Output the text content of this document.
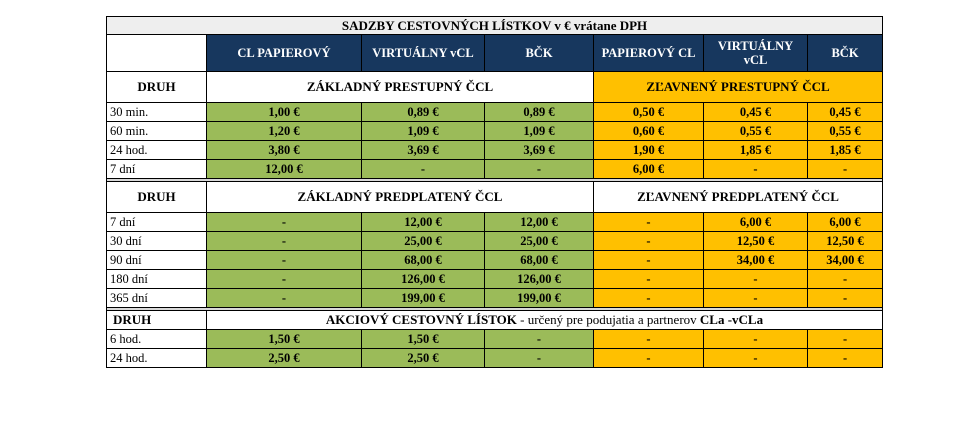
SADZBY CESTOVNÝCH LÍSTKOV v € vrátane DPH						
	CL PAPIEROVÝ	VIRTUÁLNY vCL	BČK	PAPIEROVÝ CL	VIRTUÁLNY vCL	BČK
DRUH	ZÁKLADNÝ PRESTUPNÝ ČCL			ZĽAVNENÝ PRESTUPNÝ ČCL		
30 min.	1,00 €	0,89 €	0,89 €	0,50 €	0,45 €	0,45 €
60 min.	1,20 €	1,09 €	1,09 €	0,60 €	0,55 €	0,55 €
24 hod.	3,80 €	3,69 €	3,69 €	1,90 €	1,85 €	1,85 €
7 dní	12,00 €	-	-	6,00 €	-	-

DRUH	ZÁKLADNÝ PREDPLATENÝ ČCL			ZĽAVNENÝ PREDPLATENÝ ČCL		
7 dní	-	12,00 €	12,00 €	-	6,00 €	6,00 €
30 dní	-	25,00 €	25,00 €	-	12,50 €	12,50 €
90 dní	-	68,00 €	68,00 €	-	34,00 €	34,00 €
180 dní	-	126,00 €	126,00 €	-	-	-
365 dní	-	199,00 €	199,00 €	-	-	-

DRUH	AKCIOVÝ CESTOVNÝ LÍSTOK - určený pre podujatia a partnerov CLa -vCLa					
6 hod.	1,50 €	1,50 €	-	-	-	-
24 hod.	2,50 €	2,50 €	-	-	-	-
